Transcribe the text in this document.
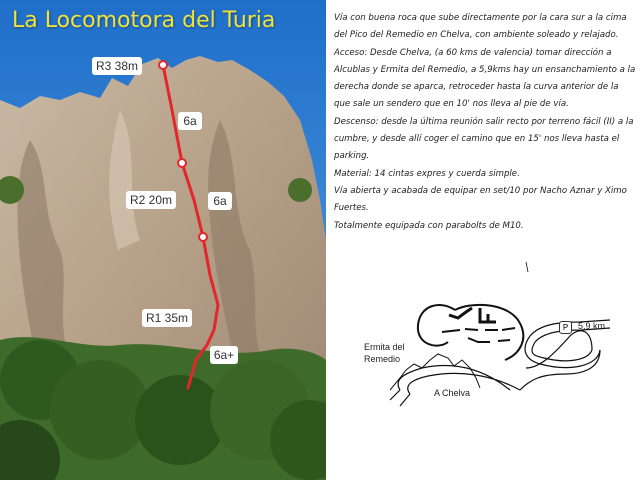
La Locomotora del Turia
R3 38m
R2 20m
R1 35m
6a
6a
6a+

Vía con buena roca que sube directamente por la cara sur a la cima del Pico del Remedio en Chelva, con ambiente soleado y relajado.

Acceso: Desde Chelva, (a 60 kms de valencia) tomar dirección a Alcublas y Ermita del Remedio, a 5,9kms hay un ensanchamiento a la derecha donde se aparca, retroceder hasta la curva anterior de la que sale un sendero que en 10' nos lleva al pie de vía.

Descenso: desde la última reunión salir recto por terreno fácil (II) a la cumbre, y desde allí coger el camino que en 15' nos lleva hasta el parking.

Material: 14 cintas expres y cuerda simple.

Vía abierta y acabada de equipar en set/10 por Nacho Aznar y Ximo Fuertes.

Totalmente equipada con parabolts de M10.

Ermita del
Remedio
A Chelva
P	5,9 km
